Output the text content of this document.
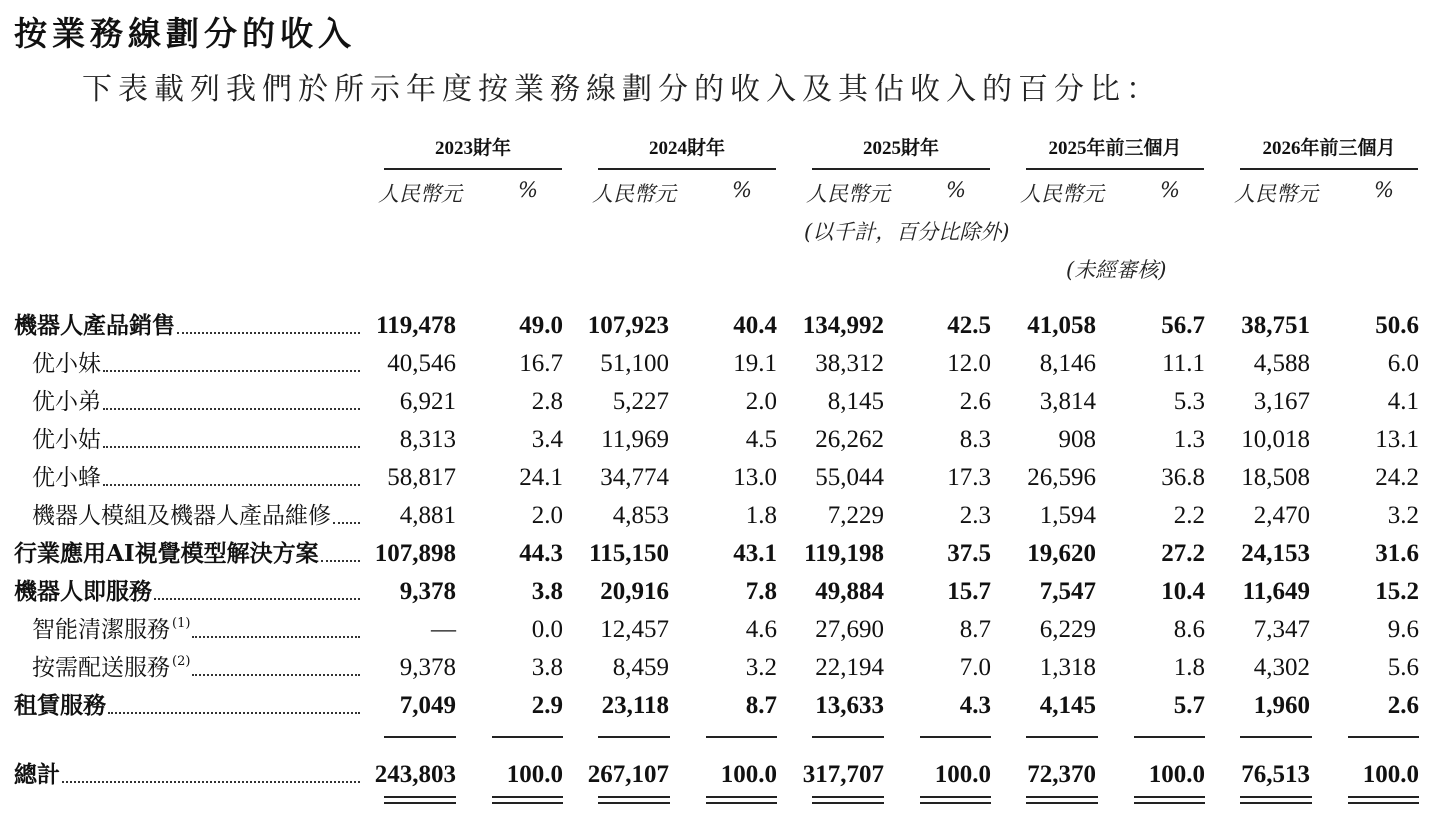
按業務線劃分的收入
下表載列我們於所示年度按業務線劃分的收入及其佔收入的百分比：
2023財年	2024財年	2025財年	2025年前三個月	2026年前三個月
人民幣元	%	人民幣元	%	人民幣元	%	人民幣元	%	人民幣元	%
(以千計，百分比除外)
(未經審核)
機器人產品銷售	119,478	49.0 107,923	40.4 134,992	42.5	41,058	56.7	38,751	50.6
优小妹	40,546	16.7	51,100	19.1	38,312	12.0	8,146	11.1	4,588	6.0
优小弟	6,921	2.8	5,227	2.0	8,145	2.6	3,814	5.3	3,167	4.1
优小姑	8,313	3.4	11,969	4.5	26,262	8.3	908	1.3	10,018	13.1
优小蜂	58,817	24.1	34,774	13.0	55,044	17.3	26,596	36.8	18,508	24.2
機器人模組及機器人產品維修	4,881	2.0	4,853	1.8	7,229	2.3	1,594	2.2	2,470	3.2
行業應用AI視覺模型解決方案 107,898	44.3 115,150	43.1 119,198	37.5	19,620	27.2	24,153	31.6
機器人即服務	9,378	3.8	20,916	7.8	49,884	15.7	7,547	10.4	11,649	15.2
智能清潔服務$^{(1)}$	—	0.0	12,457	4.6	27,690	8.7	6,229	8.6	7,347	9.6
按需配送服務$^{(2)}$	9,378	3.8	8,459	3.2	22,194	7.0	1,318	1.8	4,302	5.6
租賃服務	7,049	2.9	23,118	8.7	13,633	4.3	4,145	5.7	1,960	2.6
總計	243,803	100.0 267,107	100.0 317,707	100.0	72,370	100.0	76,513	100.0
